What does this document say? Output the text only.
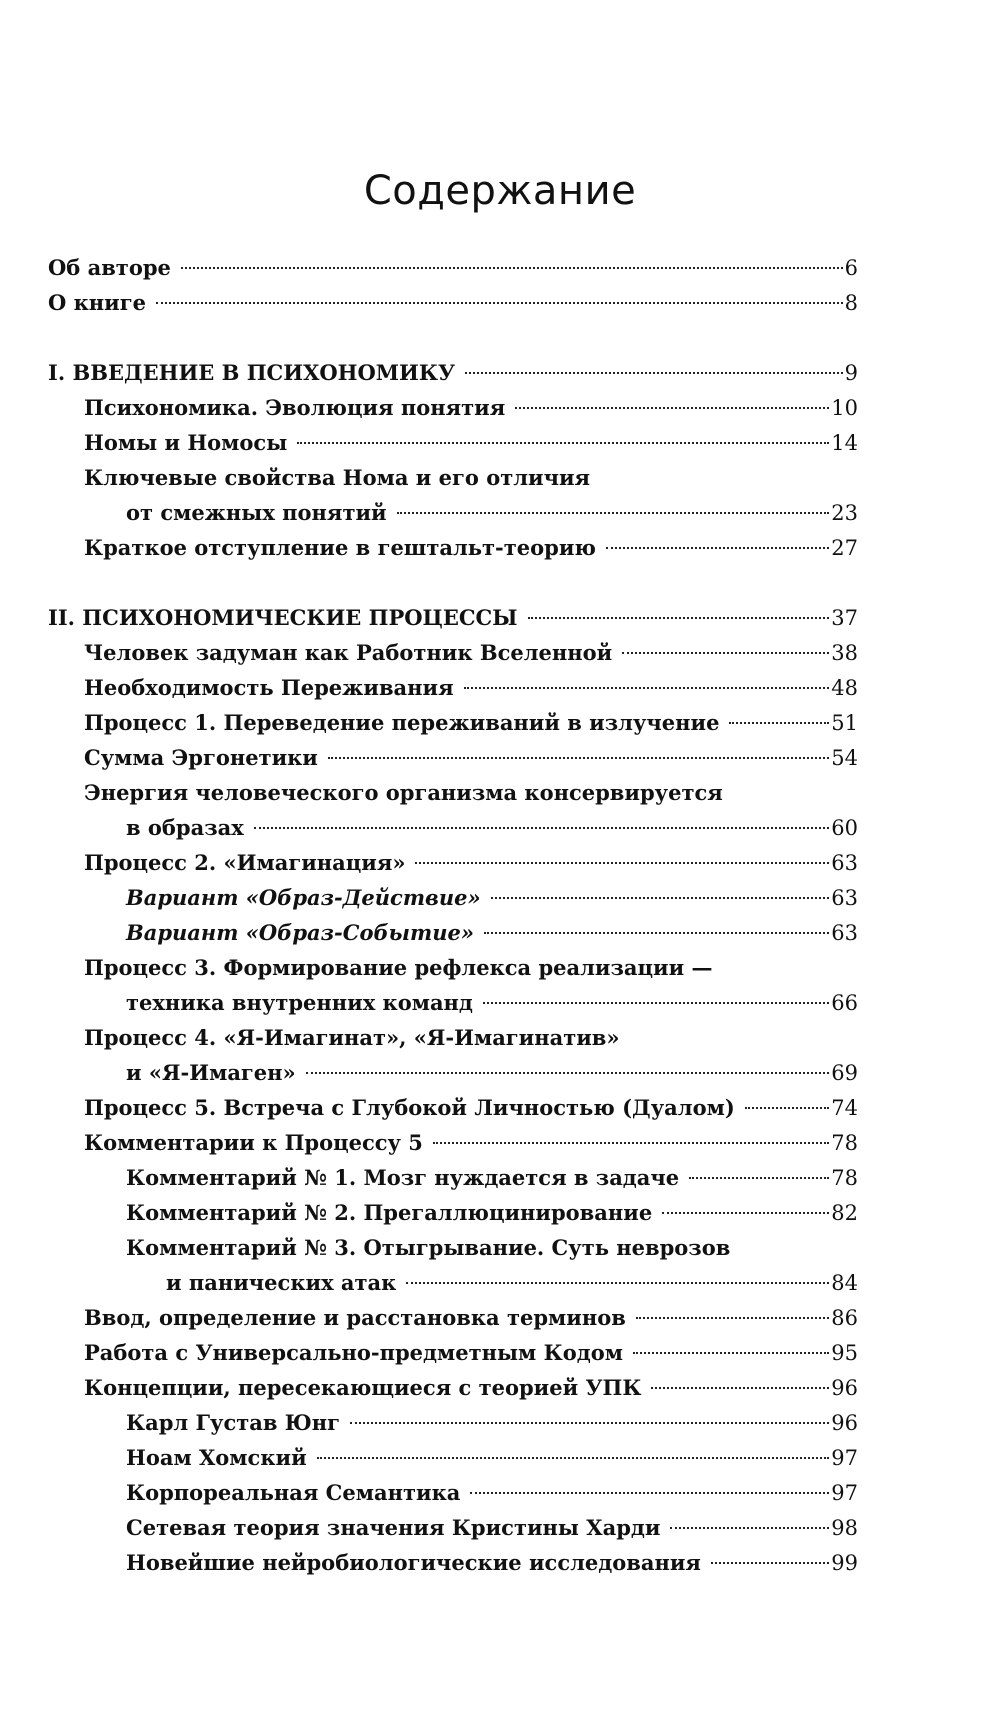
Содержание
Об авторе	6
О книге	8
I. ВВЕДЕНИЕ В ПСИХОНОМИКУ	9
Психономика. Эволюция понятия	10
Номы и Номосы	14
Ключевые свойства Нома и его отличия
от смежных понятий	23
Краткое отступление в гештальт-теорию	27
II. ПСИХОНОМИЧЕСКИЕ ПРОЦЕССЫ	37
Человек задуман как Работник Вселенной	38
Необходимость Переживания	48
Процесс 1. Переведение переживаний в излучение	51
Сумма Эргонетики	54
Энергия человеческого организма консервируется
в образах	60
Процесс 2. «Имагинация»	63
Вариант «Образ-Действие»	63
Вариант «Образ-Событие»	63
Процесс 3. Формирование рефлекса реализации —
техника внутренних команд	66
Процесс 4. «Я-Имагинат», «Я-Имагинатив»
и «Я-Имаген»	69
Процесс 5. Встреча с Глубокой Личностью (Дуалом)	74
Комментарии к Процессу 5	78
Комментарий № 1. Мозг нуждается в задаче	78
Комментарий № 2. Прегаллюцинирование	82
Комментарий № 3. Отыгрывание. Суть неврозов
и панических атак	84
Ввод, определение и расстановка терминов	86
Работа с Универсально-предметным Кодом	95
Концепции, пересекающиеся с теорией УПК	96
Карл Густав Юнг	96
Ноам Хомский	97
Корпореальная Семантика	97
Сетевая теория значения Кристины Харди	98
Новейшие нейробиологические исследования	99
